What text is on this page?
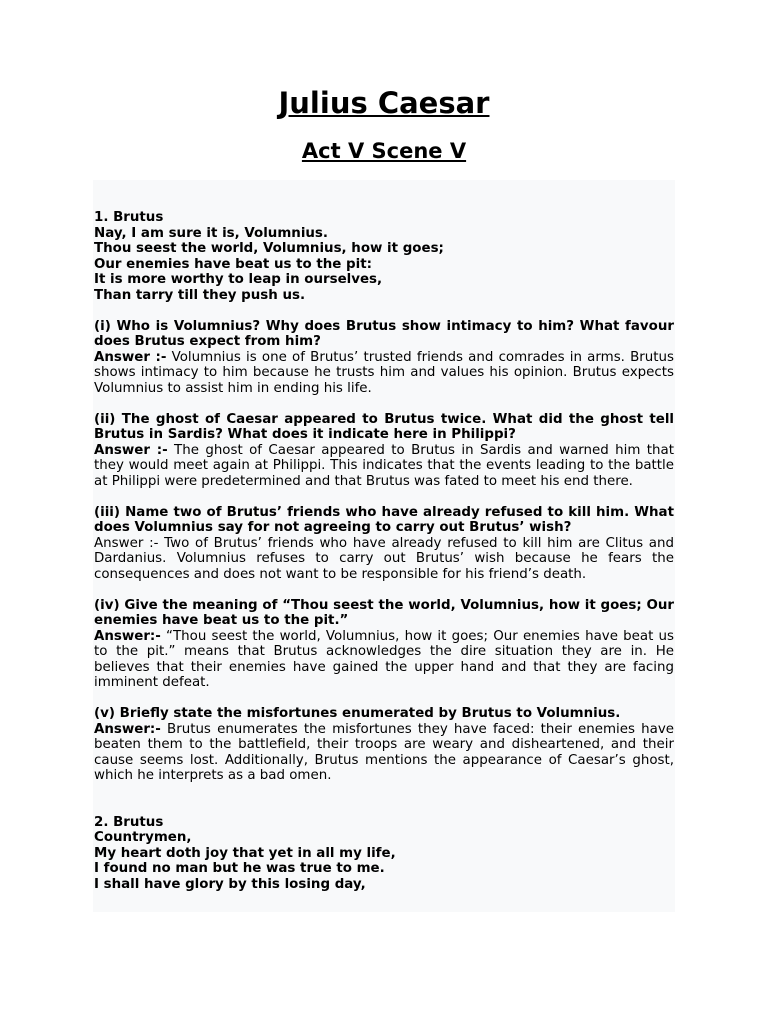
Julius Caesar
Act V Scene V
1. Brutus
Nay, I am sure it is, Volumnius.
Thou seest the world, Volumnius, how it goes;
Our enemies have beat us to the pit:
It is more worthy to leap in ourselves,
Than tarry till they push us.
(i) Who is Volumnius? Why does Brutus show intimacy to him? What favour does Brutus expect from him?
Answer :- Volumnius is one of Brutus’ trusted friends and comrades in arms. Brutus shows intimacy to him because he trusts him and values his opinion. Brutus expects Volumnius to assist him in ending his life.
(ii) The ghost of Caesar appeared to Brutus twice. What did the ghost tell Brutus in Sardis? What does it indicate here in Philippi?
Answer :- The ghost of Caesar appeared to Brutus in Sardis and warned him that they would meet again at Philippi. This indicates that the events leading to the battle at Philippi were predetermined and that Brutus was fated to meet his end there.
(iii) Name two of Brutus’ friends who have already refused to kill him. What does Volumnius say for not agreeing to carry out Brutus’ wish?
Answer :- Two of Brutus’ friends who have already refused to kill him are Clitus and Dardanius. Volumnius refuses to carry out Brutus’ wish because he fears the consequences and does not want to be responsible for his friend’s death.
(iv) Give the meaning of “Thou seest the world, Volumnius, how it goes; Our enemies have beat us to the pit.”
Answer:- “Thou seest the world, Volumnius, how it goes; Our enemies have beat us to the pit.” means that Brutus acknowledges the dire situation they are in. He believes that their enemies have gained the upper hand and that they are facing imminent defeat.
(v) Briefly state the misfortunes enumerated by Brutus to Volumnius.
Answer:- Brutus enumerates the misfortunes they have faced: their enemies have beaten them to the battlefield, their troops are weary and disheartened, and their cause seems lost. Additionally, Brutus mentions the appearance of Caesar’s ghost, which he interprets as a bad omen.
2. Brutus
Countrymen,
My heart doth joy that yet in all my life,
I found no man but he was true to me.
I shall have glory by this losing day,
